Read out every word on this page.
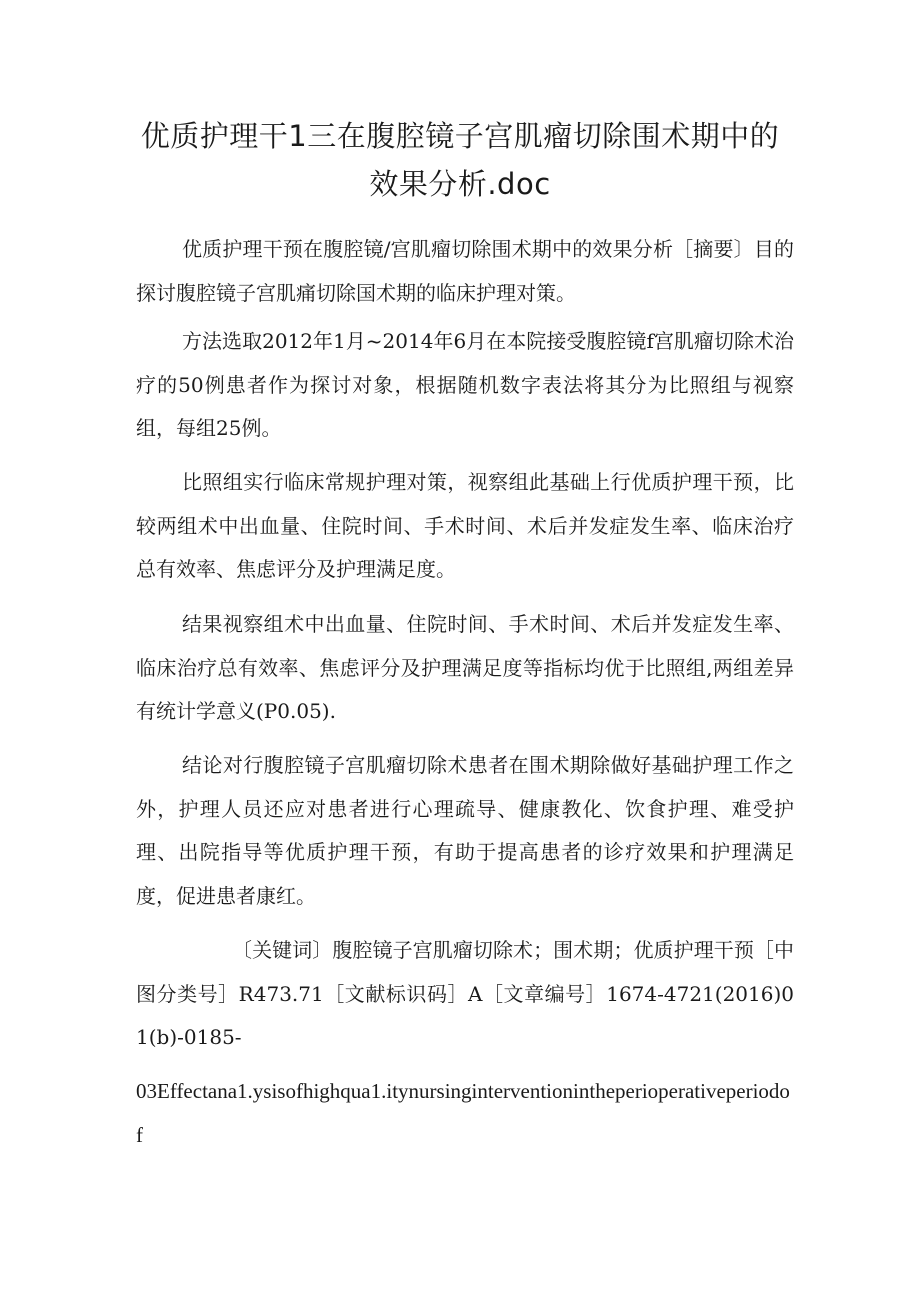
优质护理干1三在腹腔镜子宫肌瘤切除围术期中的效果分析.doc
优质护理干预在腹腔镜/宫肌瘤切除围术期中的效果分析［摘要〕目的探讨腹腔镜子宫肌痛切除国术期的临床护理对策。
方法选取2012年1月~2014年6月在本院接受腹腔镜f宫肌瘤切除术治疗的50例患者作为探讨对象，根据随机数字表法将其分为比照组与视察组，每组25例。
比照组实行临床常规护理对策，视察组此基础上行优质护理干预，比较两组术中出血量、住院时间、手术时间、术后并发症发生率、临床治疗总有效率、焦虑评分及护理满足度。
结果视察组术中出血量、住院时间、手术时间、术后并发症发生率、临床治疗总有效率、焦虑评分及护理满足度等指标均优于比照组,两组差异有统计学意义(P0.05).
结论对行腹腔镜子宫肌瘤切除术患者在围术期除做好基础护理工作之外，护理人员还应对患者进行心理疏导、健康教化、饮食护理、难受护理、出院指导等优质护理干预，有助于提高患者的诊疗效果和护理满足度，促进患者康红。
〔关键词〕腹腔镜子宫肌瘤切除术；围术期；优质护理干预［中图分类号］R473.71［文献标识码］A［文章编号］1674-4721(2016)01(b)-0185-
03Effectana1.ysisofhighqua1.itynursinginterventionintheperioperativeperiodof
